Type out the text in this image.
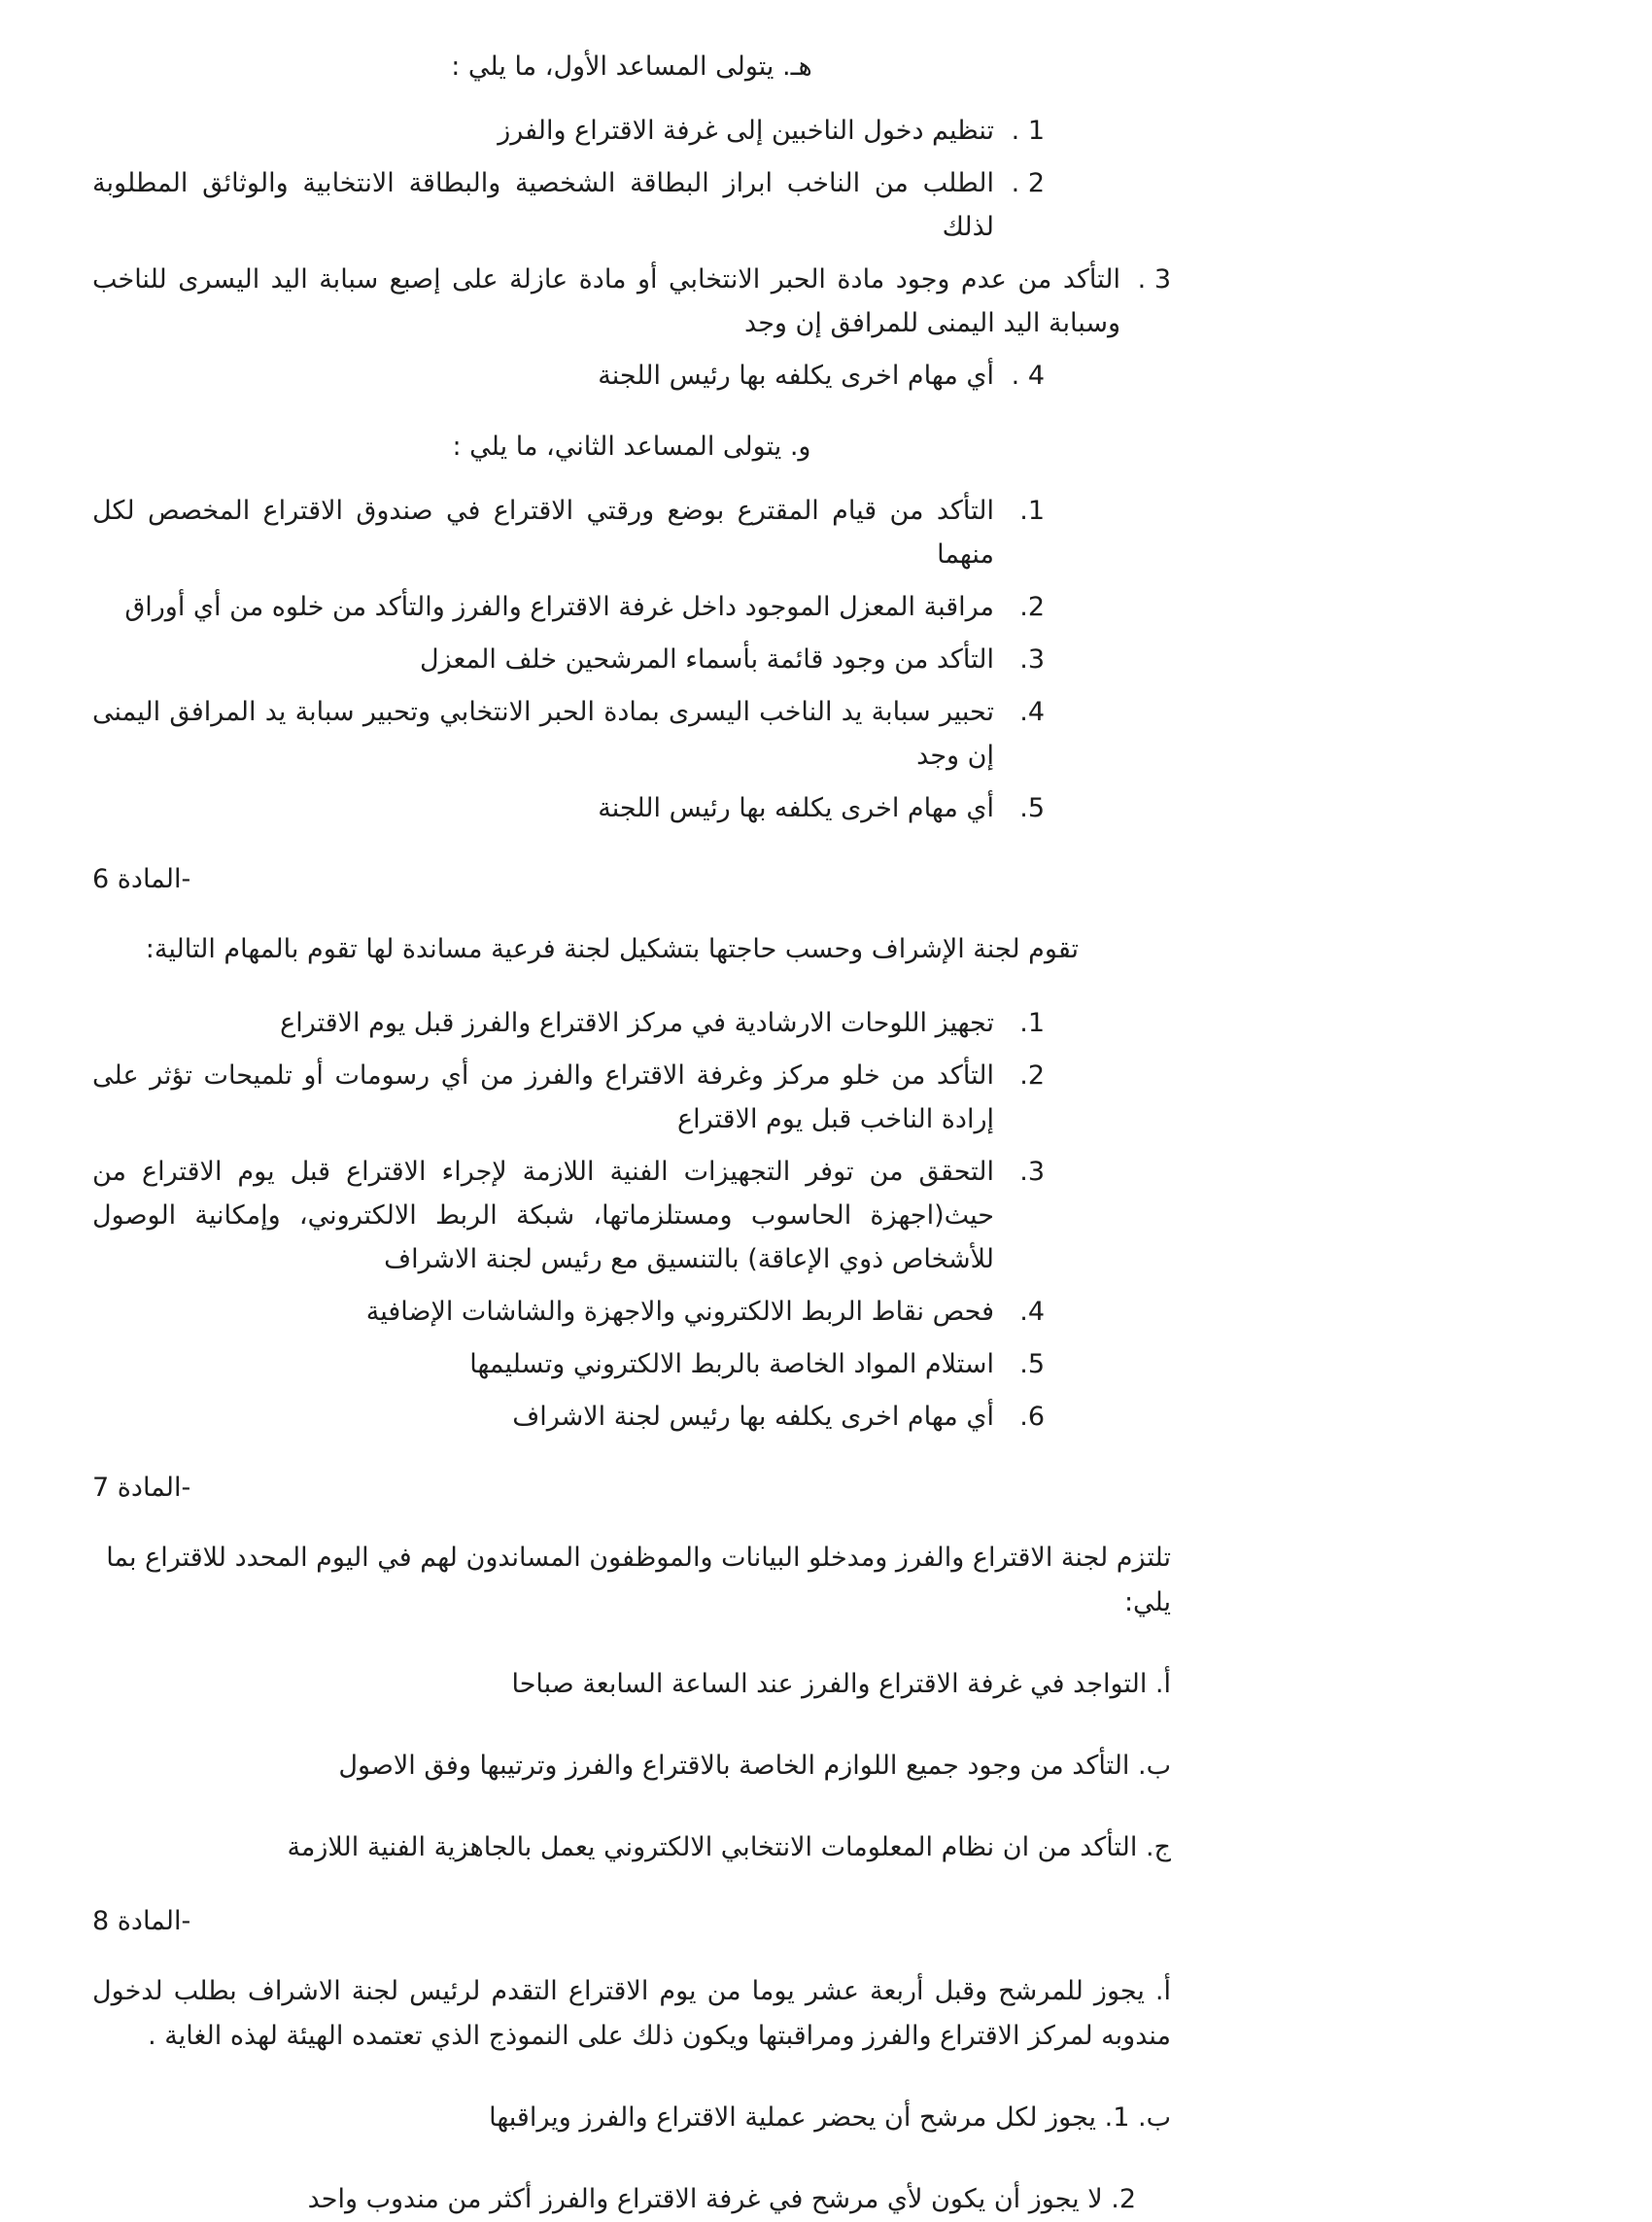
هـ. يتولى المساعد الأول، ما يلي :

1 .
تنظيم دخول الناخبين إلى غرفة الاقتراع والفرز
2 .
الطلب من الناخب ابراز البطاقة الشخصية والبطاقة الانتخابية والوثائق المطلوبة لذلك
3 .
التأكد من عدم وجود مادة الحبر الانتخابي أو مادة عازلة على إصبع سبابة اليد اليسرى للناخب وسبابة اليد اليمنى للمرافق إن وجد
4 .
أي مهام اخرى يكلفه بها رئيس اللجنة

و. يتولى المساعد الثاني، ما يلي :

1.
التأكد من قيام المقترع بوضع ورقتي الاقتراع في صندوق الاقتراع المخصص لكل منهما
2.
مراقبة المعزل الموجود داخل غرفة الاقتراع والفرز والتأكد من خلوه من أي أوراق
3.
التأكد من وجود قائمة بأسماء المرشحين خلف المعزل
4.
تحبير سبابة يد الناخب اليسرى بمادة الحبر الانتخابي وتحبير سبابة يد المرافق اليمنى إن وجد
5.
أي مهام اخرى يكلفه بها رئيس اللجنة

المادة 6-

تقوم لجنة الإشراف وحسب حاجتها بتشكيل لجنة فرعية مساندة لها تقوم بالمهام التالية:

1.
تجهيز اللوحات الارشادية في مركز الاقتراع والفرز قبل يوم الاقتراع
2.
التأكد من خلو مركز وغرفة الاقتراع والفرز من أي رسومات أو تلميحات تؤثر على إرادة الناخب قبل يوم الاقتراع
3.
التحقق من توفر التجهيزات الفنية اللازمة لإجراء الاقتراع قبل يوم الاقتراع من حيث(اجهزة الحاسوب ومستلزماتها، شبكة الربط الالكتروني، وإمكانية الوصول للأشخاص ذوي الإعاقة) بالتنسيق مع رئيس لجنة الاشراف
4.
فحص نقاط الربط الالكتروني والاجهزة والشاشات الإضافية
5.
استلام المواد الخاصة بالربط الالكتروني وتسليمها
6.
أي مهام اخرى يكلفه بها رئيس لجنة الاشراف

المادة 7-

تلتزم لجنة الاقتراع والفرز ومدخلو البيانات والموظفون المساندون لهم في اليوم المحدد للاقتراع بما يلي:

أ. التواجد في غرفة الاقتراع والفرز عند الساعة السابعة صباحا

ب. التأكد من وجود جميع اللوازم الخاصة بالاقتراع والفرز وترتيبها وفق الاصول

ج. التأكد من ان نظام المعلومات الانتخابي الالكتروني يعمل بالجاهزية الفنية اللازمة

المادة 8-

أ. يجوز للمرشح وقبل أربعة عشر يوما من يوم الاقتراع التقدم لرئيس لجنة الاشراف بطلب لدخول مندوبه لمركز الاقتراع والفرز ومراقبتها ويكون ذلك على النموذج الذي تعتمده الهيئة لهذه الغاية .

ب. 1. يجوز لكل مرشح أن يحضر عملية الاقتراع والفرز ويراقبها

2. لا يجوز أن يكون لأي مرشح في غرفة الاقتراع والفرز أكثر من مندوب واحد
